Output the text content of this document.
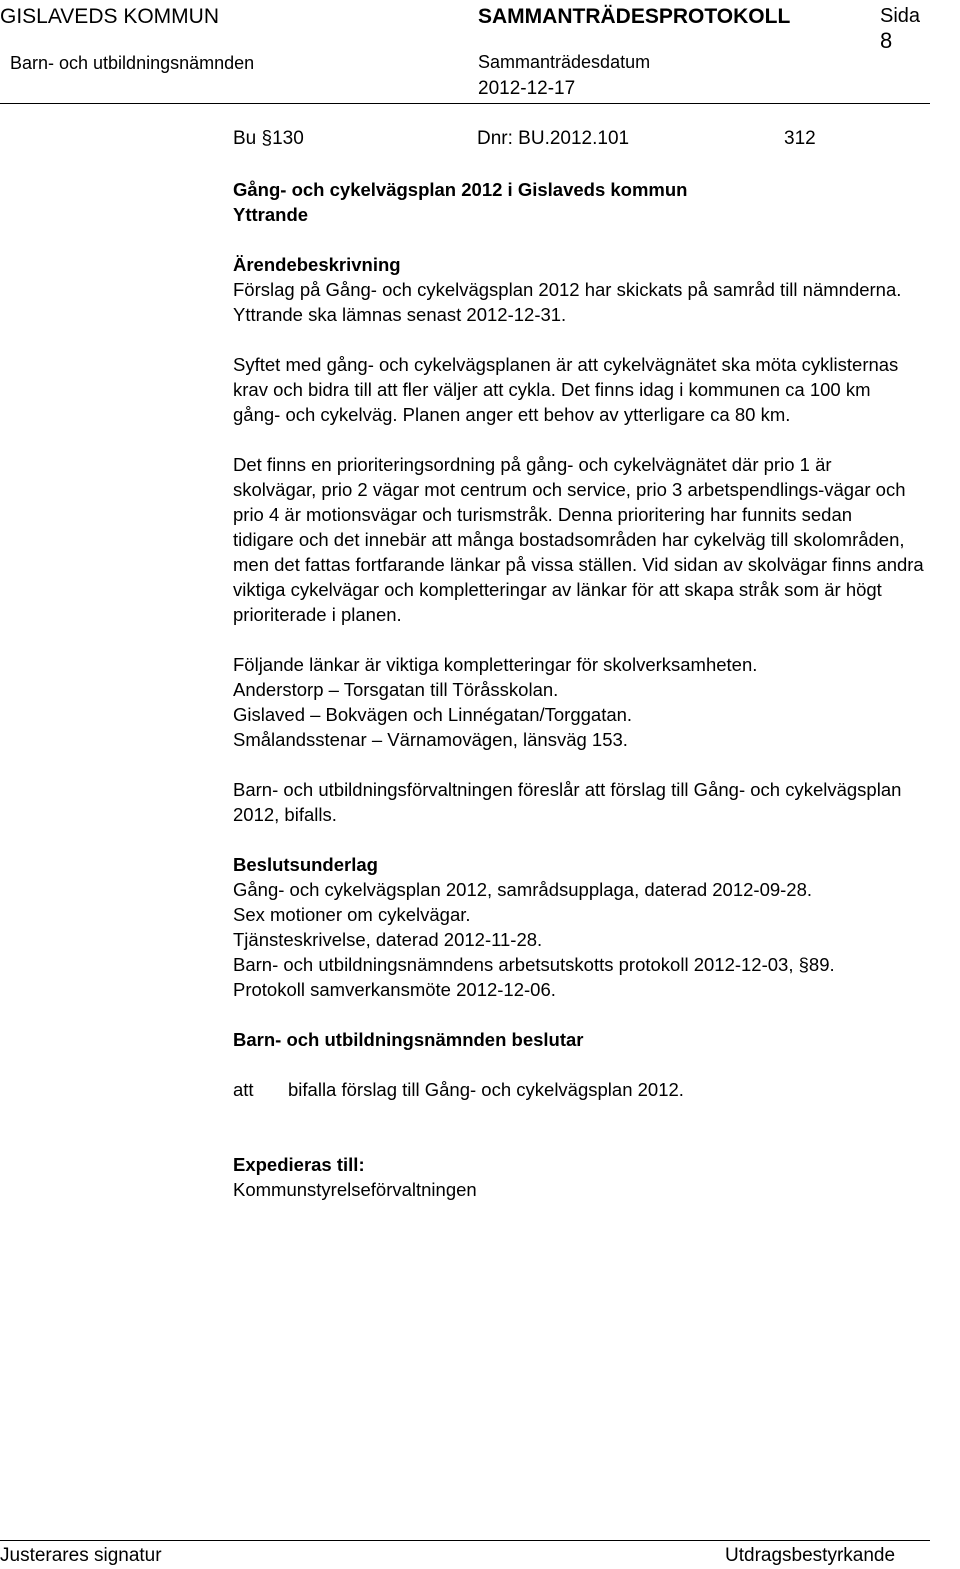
GISLAVEDS KOMMUN	SAMMANTRÄDESPROTOKOLL	Sida
8
Barn- och utbildningsnämnden	Sammanträdesdatum
2012-12-17
Bu §130	Dnr: BU.2012.101	312
Gång- och cykelvägsplan 2012 i Gislaveds kommun
Yttrande
Ärendebeskrivning
Förslag på Gång- och cykelvägsplan 2012 har skickats på samråd till nämnderna.
Yttrande ska lämnas senast 2012-12-31.
Syftet med gång- och cykelvägsplanen är att cykelvägnätet ska möta cyklisternas
krav och bidra till att fler väljer att cykla. Det finns idag i kommunen ca 100 km
gång- och cykelväg. Planen anger ett behov av ytterligare ca 80 km.
Det finns en prioriteringsordning på gång- och cykelvägnätet där prio 1 är
skolvägar, prio 2 vägar mot centrum och service, prio 3 arbetspendlings-vägar och
prio 4 är motionsvägar och turismstråk. Denna prioritering har funnits sedan
tidigare och det innebär att många bostadsområden har cykelväg till skolområden,
men det fattas fortfarande länkar på vissa ställen. Vid sidan av skolvägar finns andra
viktiga cykelvägar och kompletteringar av länkar för att skapa stråk som är högt
prioriterade i planen.
Följande länkar är viktiga kompletteringar för skolverksamheten.
Anderstorp – Torsgatan till Töråsskolan.
Gislaved – Bokvägen och Linnégatan/Torggatan.
Smålandsstenar – Värnamovägen, länsväg 153.
Barn- och utbildningsförvaltningen föreslår att förslag till Gång- och cykelvägsplan
2012, bifalls.
Beslutsunderlag
Gång- och cykelvägsplan 2012, samrådsupplaga, daterad 2012-09-28.
Sex motioner om cykelvägar.
Tjänsteskrivelse, daterad 2012-11-28.
Barn- och utbildningsnämndens arbetsutskotts protokoll 2012-12-03, §89.
Protokoll samverkansmöte 2012-12-06.
Barn- och utbildningsnämnden beslutar
att	bifalla förslag till Gång- och cykelvägsplan 2012.
Expedieras till:
Kommunstyrelseförvaltningen
Justerares signatur	Utdragsbestyrkande
